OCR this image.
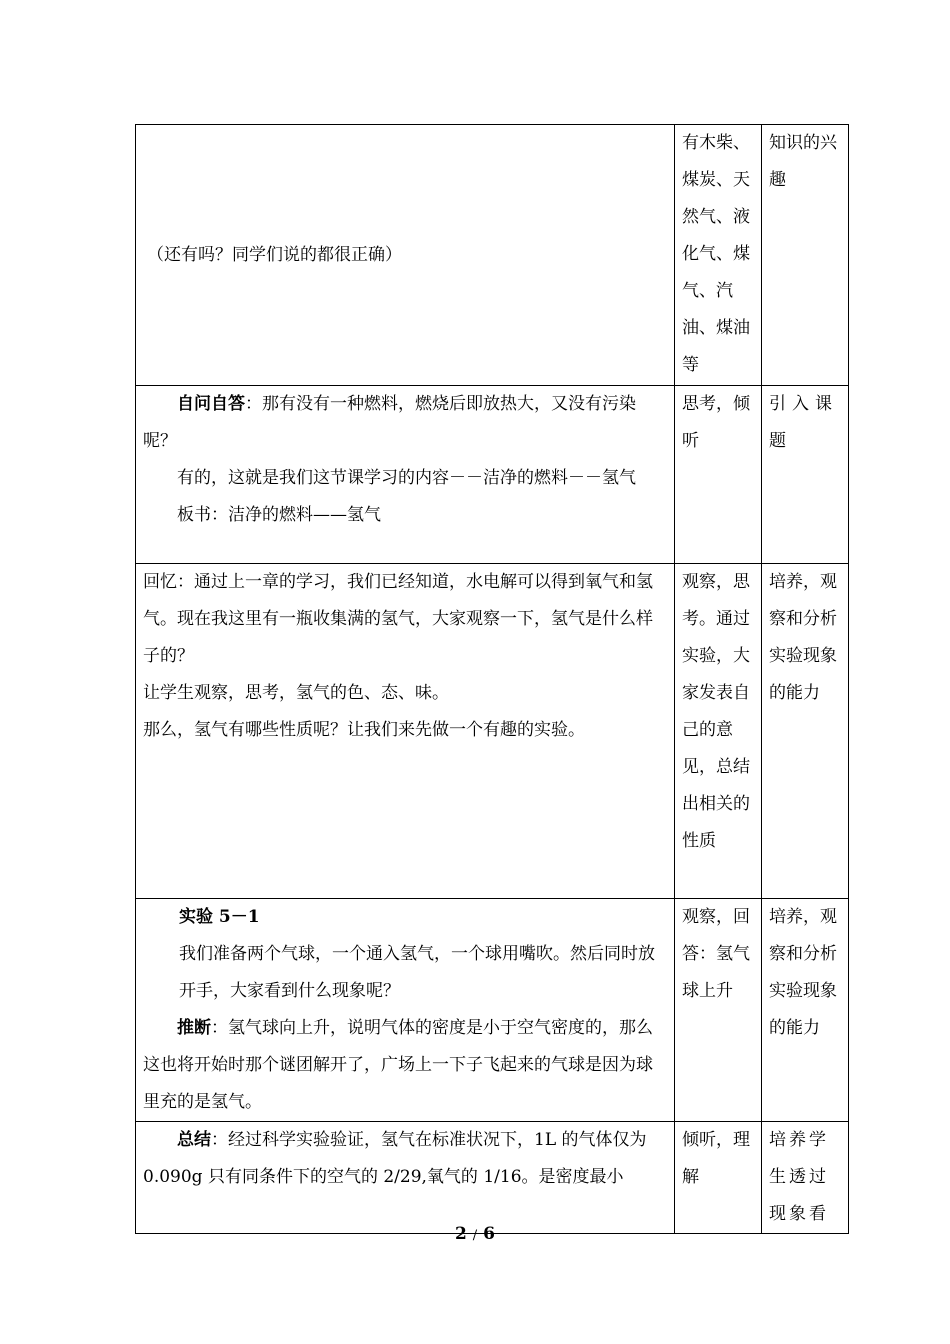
（还有吗？同学们说的都很正确）	有木柴、煤炭、天然气、液化气、煤气、汽油、煤油等	知识的兴趣

自问自答：那有没有一种燃料，燃烧后即放热大，又没有污染呢？

有的，这就是我们这节课学习的内容－－洁净的燃料－－氢气

板书：洁净的燃料——氢气	思考，倾听	引入课题

回忆：通过上一章的学习，我们已经知道，水电解可以得到氧气和氢气。现在我这里有一瓶收集满的氢气，大家观察一下，氢气是什么样子的？

让学生观察，思考，氢气的色、态、味。

那么，氢气有哪些性质呢？让我们来先做一个有趣的实验。	观察，思考。通过实验，大家发表自己的意见，总结出相关的性质	培养，观察和分析实验现象的能力

实验 5－1

我们准备两个气球，一个通入氢气，一个球用嘴吹。然后同时放开手，大家看到什么现象呢？

推断：氢气球向上升，说明气体的密度是小于空气密度的，那么这也将开始时那个谜团解开了，广场上一下子飞起来的气球是因为球里充的是氢气。	观察，回答：氢气球上升	培养，观察和分析实验现象的能力

总结：经过科学实验验证，氢气在标准状况下，1L 的气体仅为 0.090g 只有同条件下的空气的 2/29,氧气的 1/16。是密度最小	倾听，理解	培养学生透过现象看
2 / 6
